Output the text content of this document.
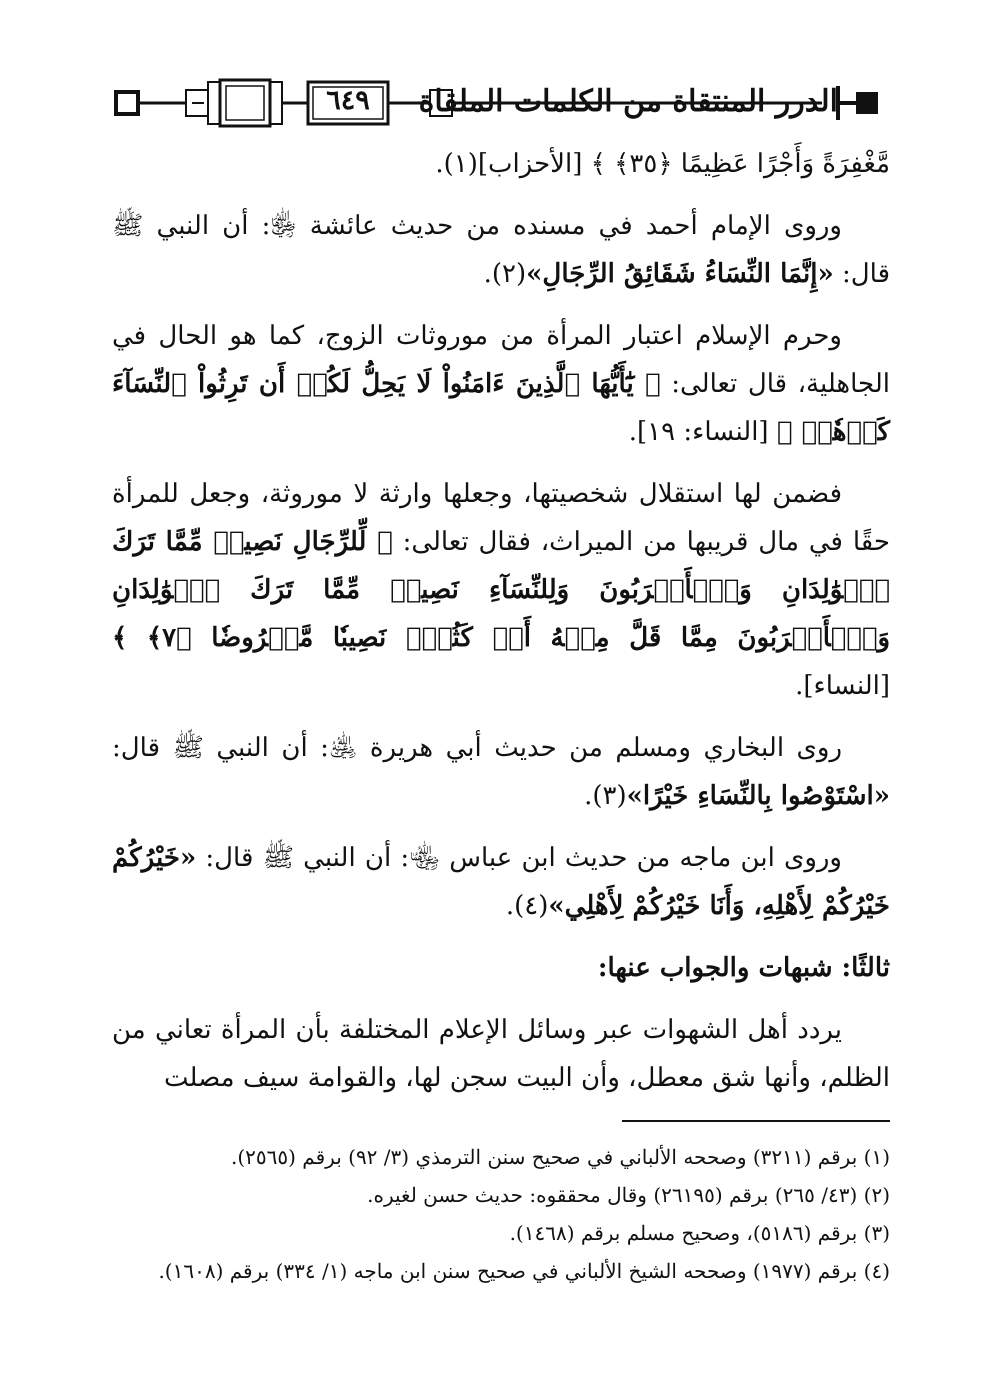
٦٤٩	الدرر المنتقاة من الكلمات الملقاة

مَّغْفِرَةً وَأَجْرًا عَظِيمًا ﴿٣٥﴾ ﴾ [الأحزاب](١).

وروى الإمام أحمد في مسنده من حديث عائشة ﵂: أن النبي ﷺ قال: «إِنَّمَا النِّسَاءُ شَقَائِقُ الرِّجَالِ»(٢).

وحرم الإسلام اعتبار المرأة من موروثات الزوج، كما هو الحال في الجاهلية، قال تعالى: ﴿ يَٰٓأَيُّهَا ٱلَّذِينَ ءَامَنُواْ لَا يَحِلُّ لَكُمۡ أَن تَرِثُواْ ٱلنِّسَآءَ كَرۡهٗاۖ ﴾ [النساء: ١٩].

فضمن لها استقلال شخصيتها، وجعلها وارثة لا موروثة، وجعل للمرأة حقًا في مال قريبها من الميراث، فقال تعالى: ﴿ لِّلرِّجَالِ نَصِيبٞ مِّمَّا تَرَكَ ٱلۡوَٰلِدَانِ وَٱلۡأَقۡرَبُونَ وَلِلنِّسَآءِ نَصِيبٞ مِّمَّا تَرَكَ ٱلۡوَٰلِدَانِ وَٱلۡأَقۡرَبُونَ مِمَّا قَلَّ مِنۡهُ أَوۡ كَثُرَۚ نَصِيبٗا مَّفۡرُوضٗا ﴿٧﴾ ﴾ [النساء].

روى البخاري ومسلم من حديث أبي هريرة ﵁: أن النبي ﷺ قال: «اسْتَوْصُوا بِالنِّسَاءِ خَيْرًا»(٣).

وروى ابن ماجه من حديث ابن عباس ﵄: أن النبي ﷺ قال: «خَيْرُكُمْ خَيْرُكُمْ لِأَهْلِهِ، وَأَنَا خَيْرُكُمْ لِأَهْلِي»(٤).

ثالثًا: شبهات والجواب عنها:

يردد أهل الشهوات عبر وسائل الإعلام المختلفة بأن المرأة تعاني من الظلم، وأنها شق معطل، وأن البيت سجن لها، والقوامة سيف مصلت

(١) برقم (٣٢١١) وصححه الألباني في صحيح سنن الترمذي (٣/ ٩٢) برقم (٢٥٦٥).

(٢) (٤٣/ ٢٦٥) برقم (٢٦١٩٥) وقال محققوه: حديث حسن لغيره.

(٣) برقم (٥١٨٦)، وصحيح مسلم برقم (١٤٦٨).

(٤) برقم (١٩٧٧) وصححه الشيخ الألباني في صحيح سنن ابن ماجه (١/ ٣٣٤) برقم (١٦٠٨).
